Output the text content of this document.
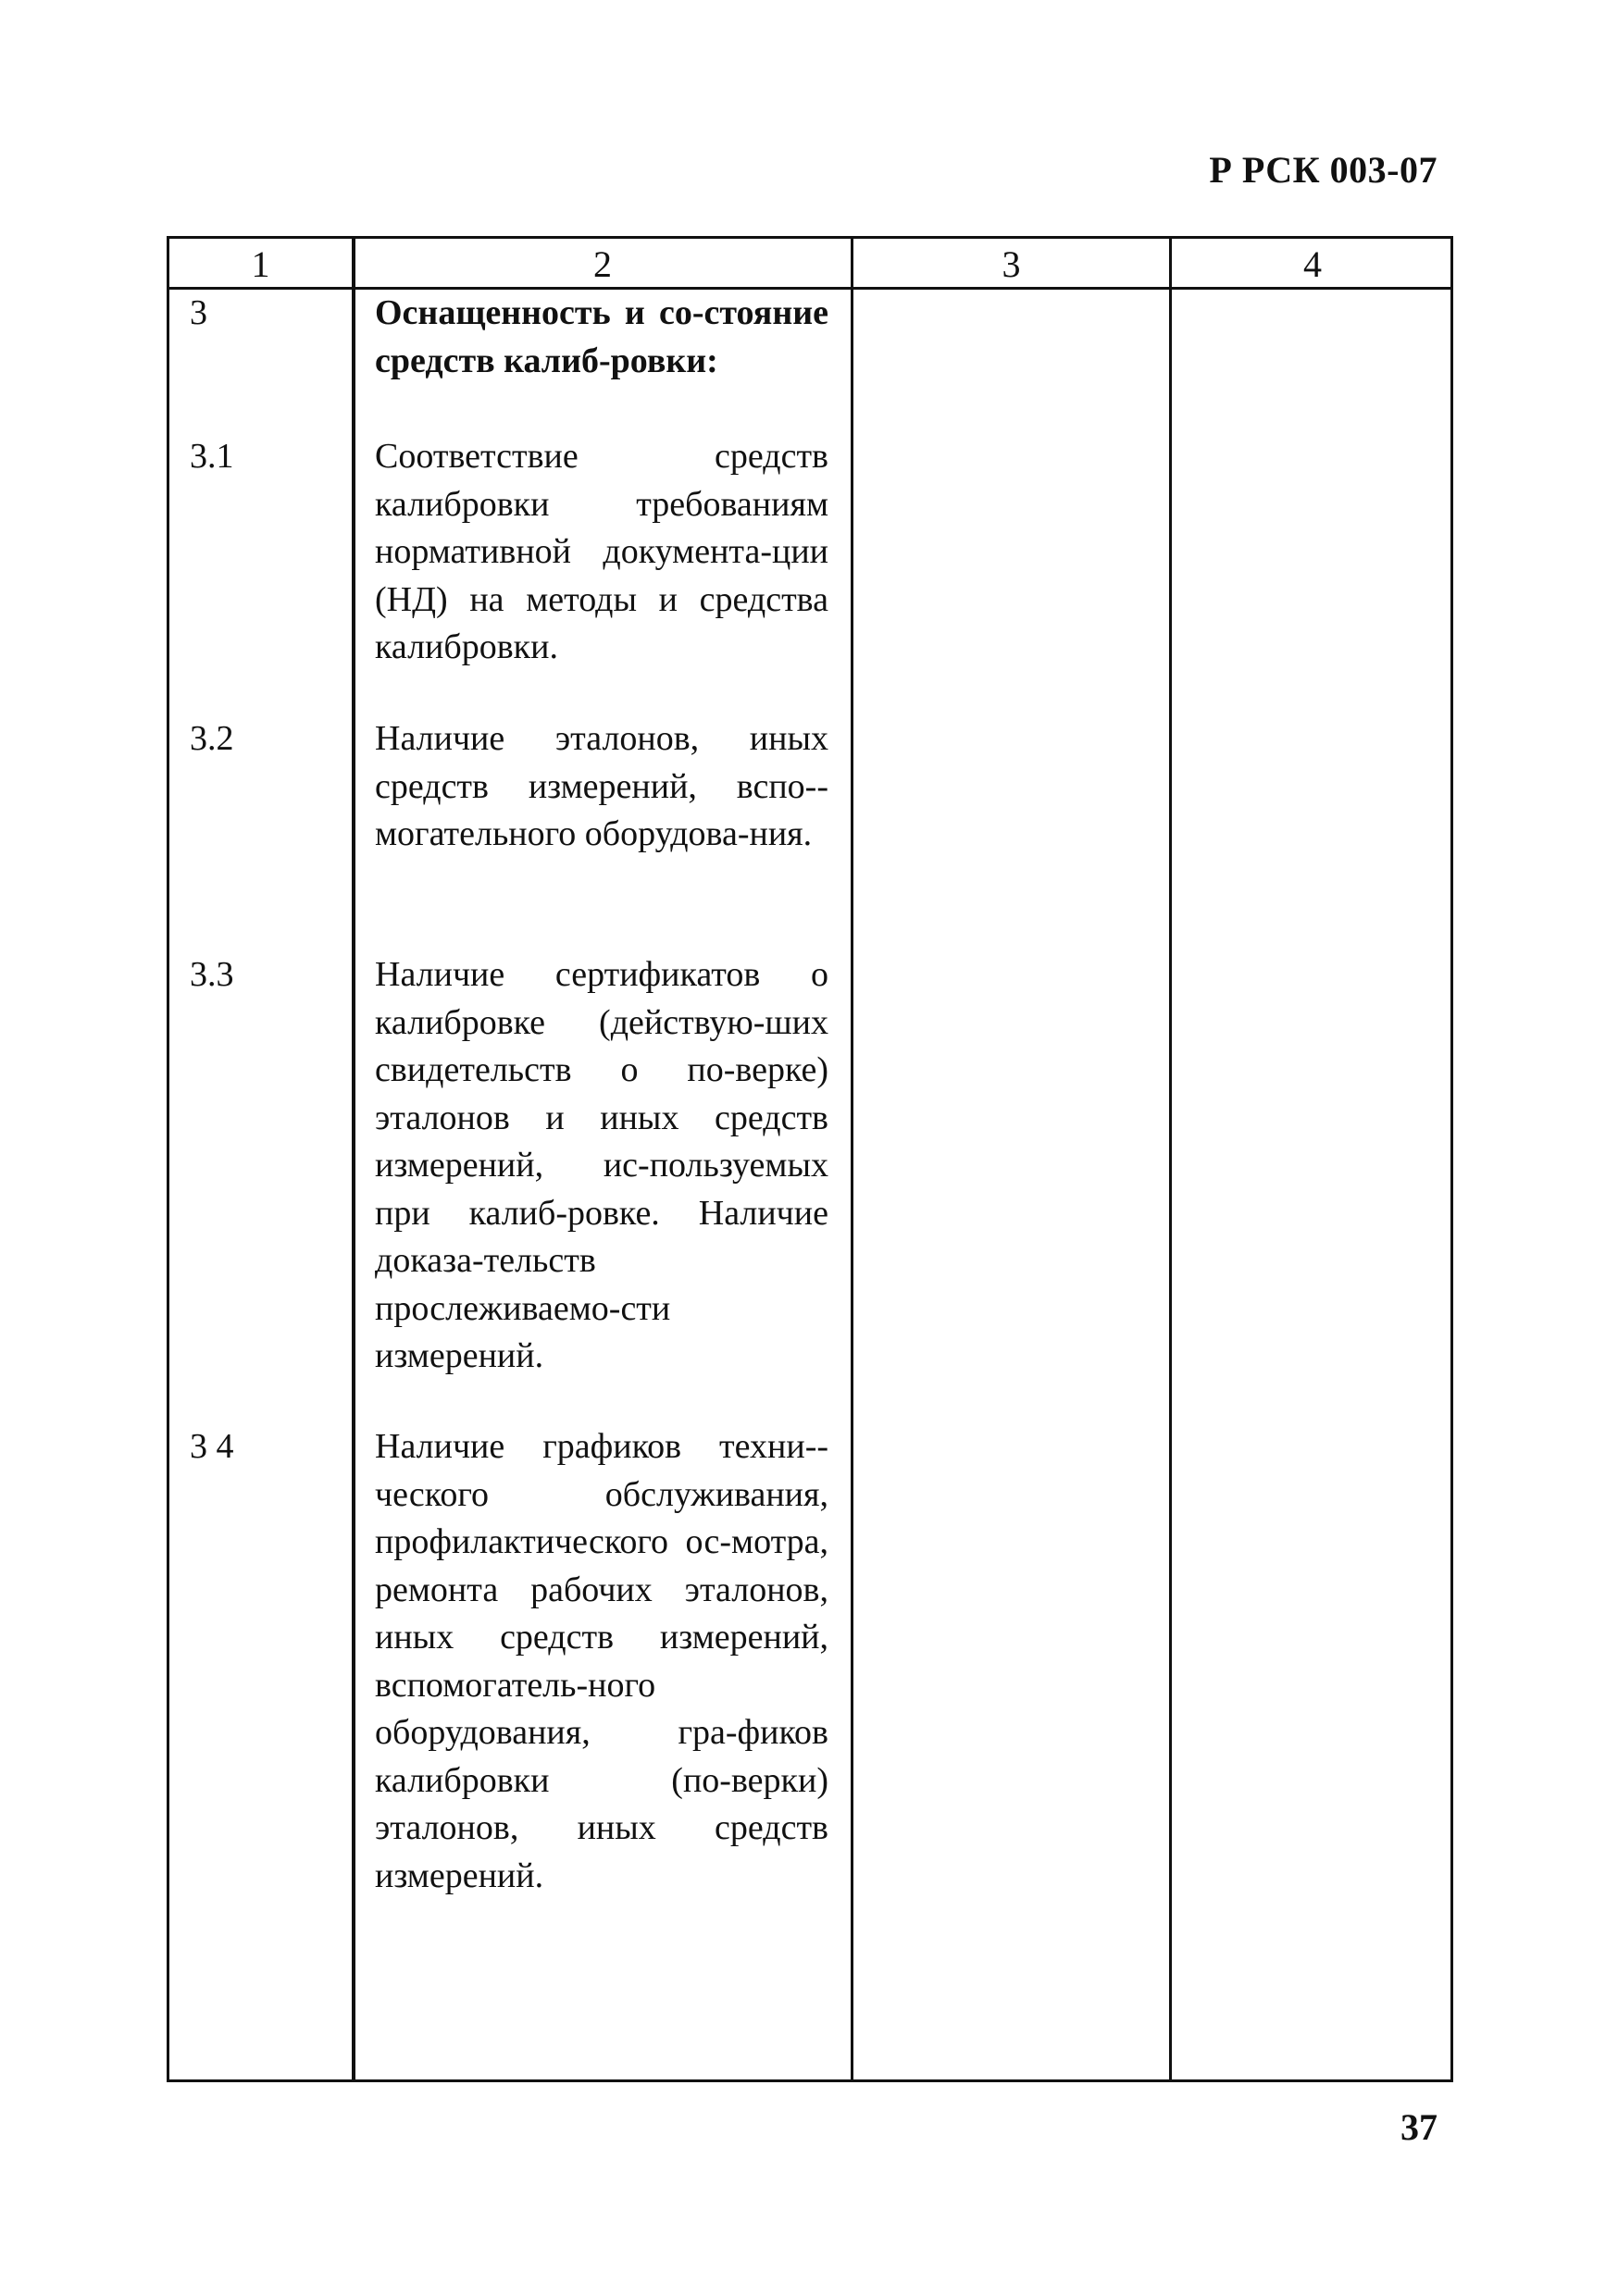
Р РСК 003-07
1	2	3	4
3	Оснащенность и со-стояние средств калиб-ровки:
3.1	Соответствие средств калибровки требованиям нормативной документа-ции (НД) на методы и средства калибровки.
3.2	Наличие эталонов, иных средств измерений, вспо-могательного оборудова-ния.
3.3	Наличие сертификатов о калибровке (действую-ших свидетельств о по-верке) эталонов и иных средств измерений, ис-пользуемых при калиб-ровке. Наличие доказа-тельств прослеживаемо-сти измерений.
3 4	Наличие графиков техни-ческого обслуживания, профилактического ос-мотра, ремонта рабочих эталонов, иных средств измерений, вспомогатель-ного оборудования, гра-фиков калибровки (по-верки) эталонов, иных средств измерений.
37
